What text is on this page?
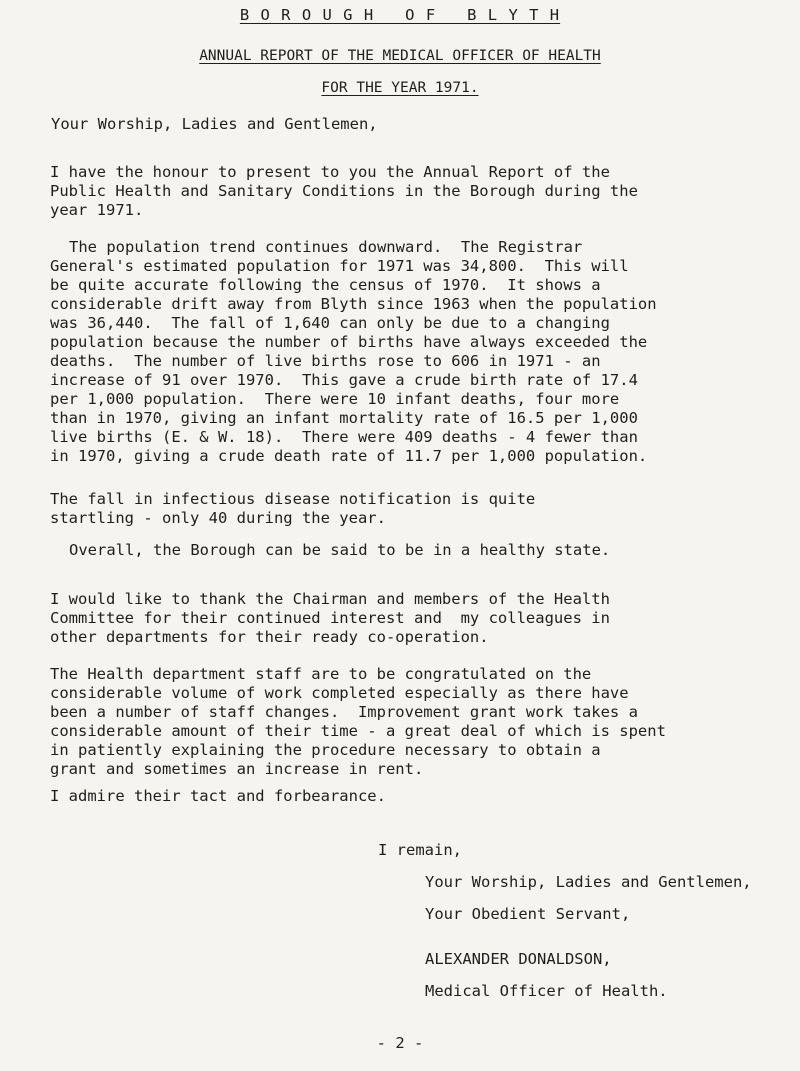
B O R O U G H   O F   B L Y T H
ANNUAL REPORT OF THE MEDICAL OFFICER OF HEALTH
FOR THE YEAR 1971.
Your Worship, Ladies and Gentlemen,
I have the honour to present to you the Annual Report of the
Public Health and Sanitary Conditions in the Borough during the
year 1971.
The population trend continues downward.  The Registrar
General's estimated population for 1971 was 34,800.  This will
be quite accurate following the census of 1970.  It shows a
considerable drift away from Blyth since 1963 when the population
was 36,440.  The fall of 1,640 can only be due to a changing
population because the number of births have always exceeded the
deaths.  The number of live births rose to 606 in 1971 - an
increase of 91 over 1970.  This gave a crude birth rate of 17.4
per 1,000 population.  There were 10 infant deaths, four more
than in 1970, giving an infant mortality rate of 16.5 per 1,000
live births (E. & W. 18).  There were 409 deaths - 4 fewer than
in 1970, giving a crude death rate of 11.7 per 1,000 population.
The fall in infectious disease notification is quite
startling - only 40 during the year.
Overall, the Borough can be said to be in a healthy state.
I would like to thank the Chairman and members of the Health
Committee for their continued interest and  my colleagues in
other departments for their ready co-operation.
The Health department staff are to be congratulated on the
considerable volume of work completed especially as there have
been a number of staff changes.  Improvement grant work takes a
considerable amount of their time - a great deal of which is spent
in patiently explaining the procedure necessary to obtain a
grant and sometimes an increase in rent.
I admire their tact and forbearance.
I remain,
Your Worship, Ladies and Gentlemen,
Your Obedient Servant,
ALEXANDER DONALDSON,
Medical Officer of Health.
- 2 -
